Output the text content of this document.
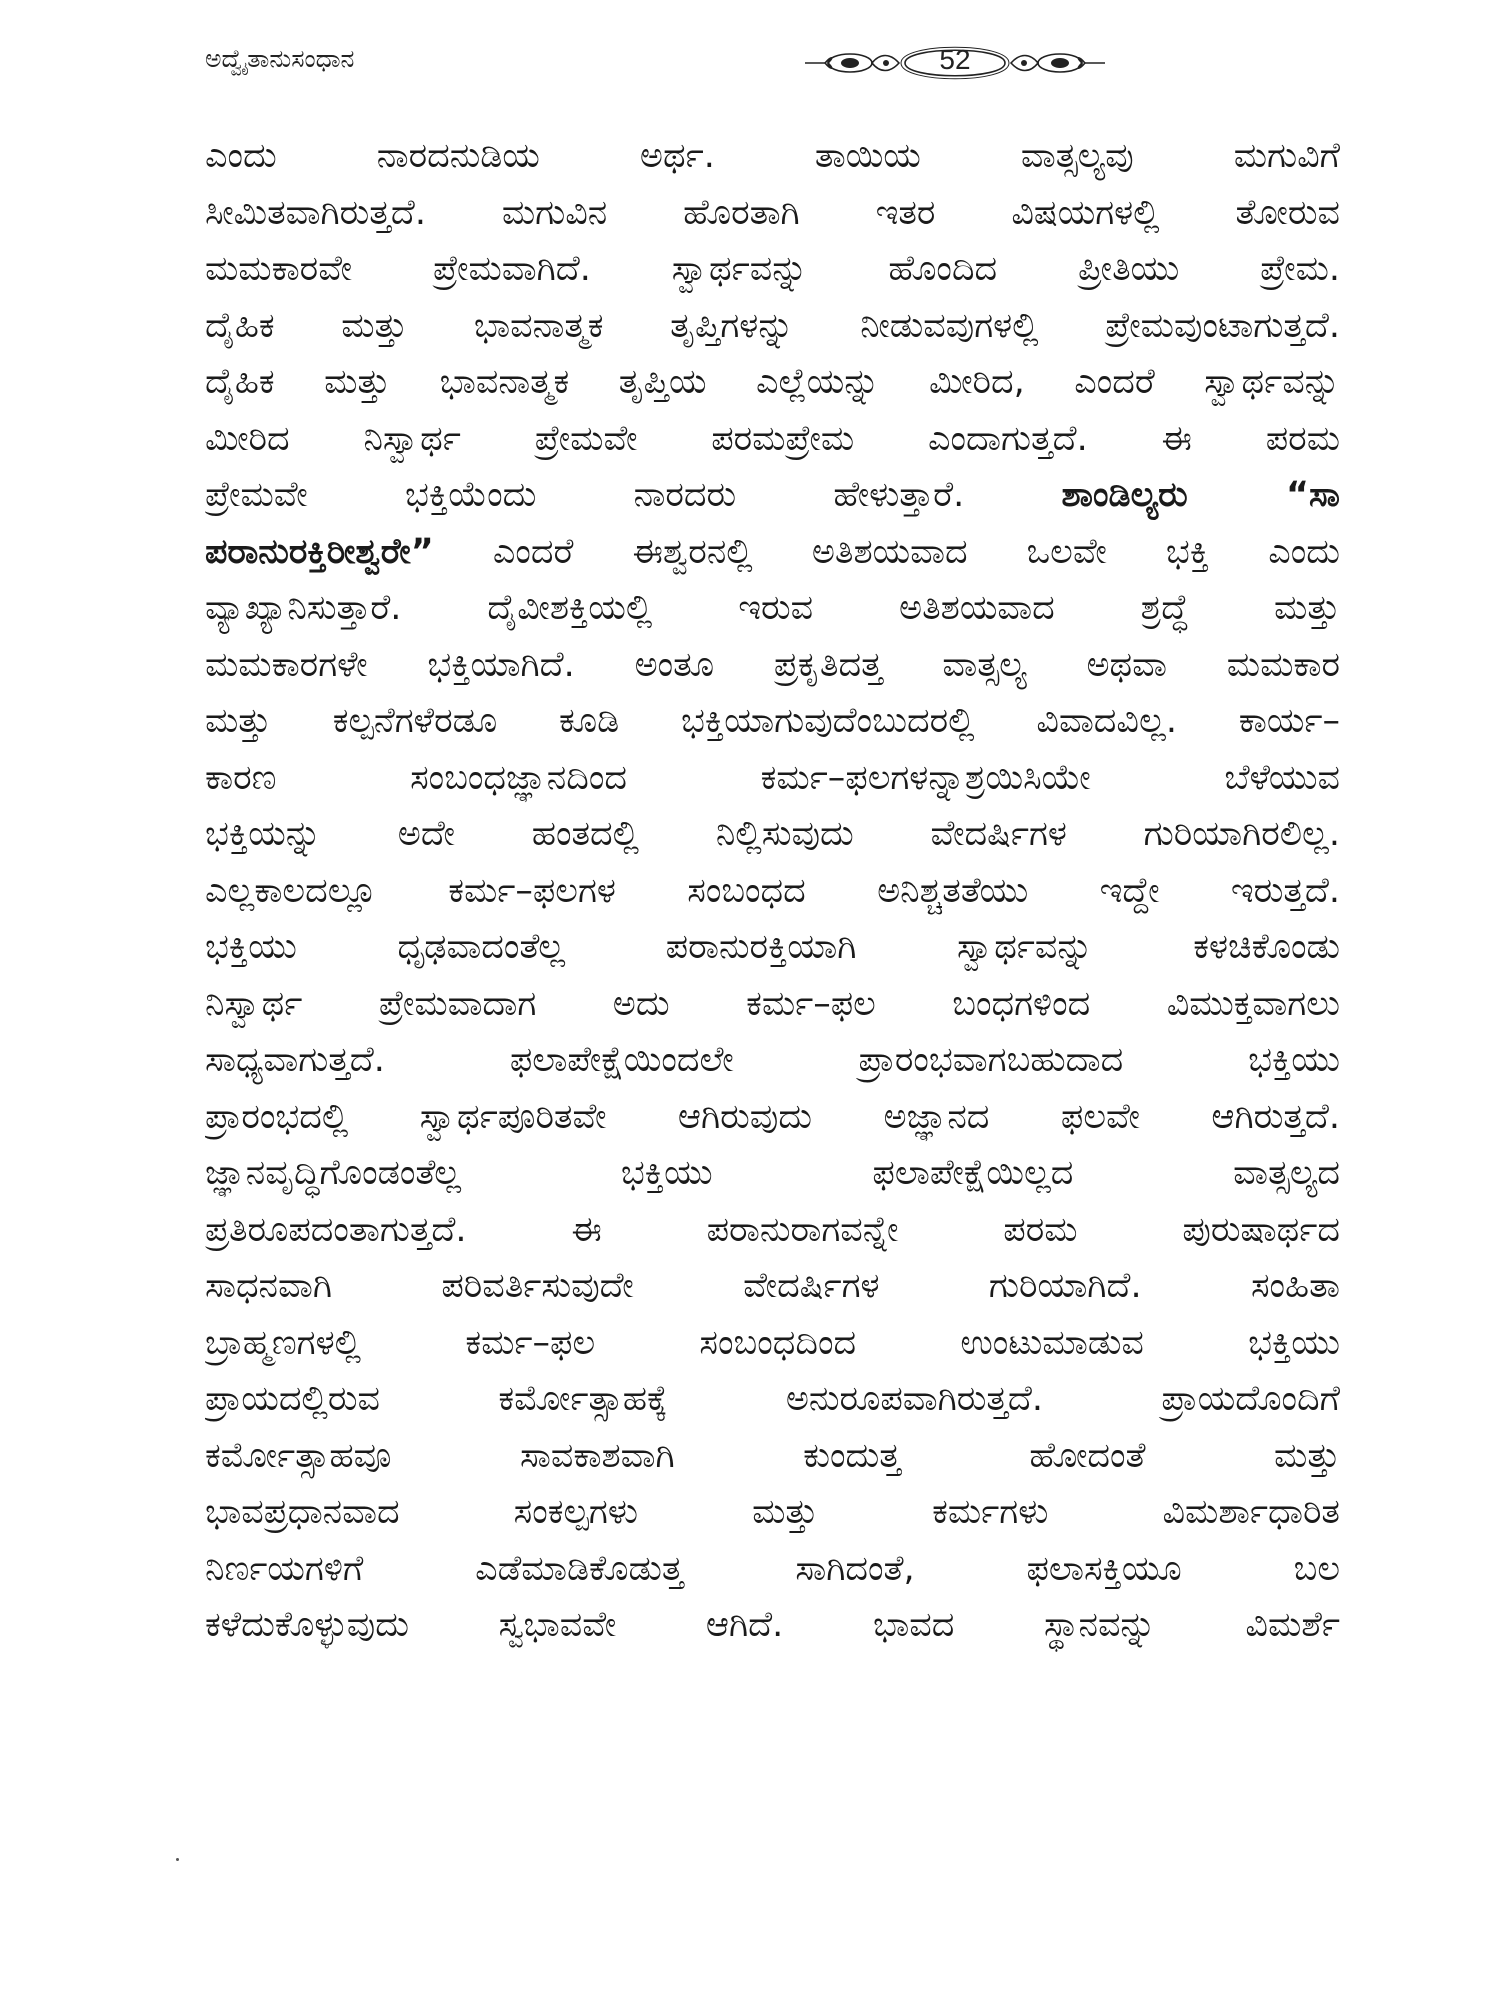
ಅದ್ವೈತಾನುಸಂಧಾನ	52
ಎಂದು ನಾರದನುಡಿಯ ಅರ್ಥ. ತಾಯಿಯ ವಾತ್ಸಲ್ಯವು ಮಗುವಿಗೆ
ಸೀಮಿತವಾಗಿರುತ್ತದೆ. ಮಗುವಿನ ಹೊರತಾಗಿ ಇತರ ವಿಷಯಗಳಲ್ಲಿ ತೋರುವ
ಮಮಕಾರವೇ ಪ್ರೇಮವಾಗಿದೆ. ಸ್ವಾರ್ಥವನ್ನು ಹೊಂದಿದ ಪ್ರೀತಿಯು ಪ್ರೇಮ.
ದೈಹಿಕ ಮತ್ತು ಭಾವನಾತ್ಮಕ ತೃಪ್ತಿಗಳನ್ನು ನೀಡುವವುಗಳಲ್ಲಿ ಪ್ರೇಮವುಂಟಾಗುತ್ತದೆ.
ದೈಹಿಕ ಮತ್ತು ಭಾವನಾತ್ಮಕ ತೃಪ್ತಿಯ ಎಲ್ಲೆಯನ್ನು ಮೀರಿದ, ಎಂದರೆ ಸ್ವಾರ್ಥವನ್ನು
ಮೀರಿದ ನಿಸ್ವಾರ್ಥ ಪ್ರೇಮವೇ ಪರಮಪ್ರೇಮ ಎಂದಾಗುತ್ತದೆ. ಈ ಪರಮ
ಪ್ರೇಮವೇ ಭಕ್ತಿಯೆಂದು ನಾರದರು ಹೇಳುತ್ತಾರೆ. ಶಾಂಡಿಲ್ಯರು “ಸಾ
ಪರಾನುರಕ್ತಿರೀಶ್ವರೇ” ಎಂದರೆ ಈಶ್ವರನಲ್ಲಿ ಅತಿಶಯವಾದ ಒಲವೇ ಭಕ್ತಿ ಎಂದು
ವ್ಯಾಖ್ಯಾನಿಸುತ್ತಾರೆ. ದೈವೀಶಕ್ತಿಯಲ್ಲಿ ಇರುವ ಅತಿಶಯವಾದ ಶ್ರದ್ಧೆ ಮತ್ತು
ಮಮಕಾರಗಳೇ ಭಕ್ತಿಯಾಗಿದೆ. ಅಂತೂ ಪ್ರಕೃತಿದತ್ತ ವಾತ್ಸಲ್ಯ ಅಥವಾ ಮಮಕಾರ
ಮತ್ತು ಕಲ್ಪನೆಗಳೆರಡೂ ಕೂಡಿ ಭಕ್ತಿಯಾಗುವುದೆಂಬುದರಲ್ಲಿ ವಿವಾದವಿಲ್ಲ. ಕಾರ್ಯ–
ಕಾರಣ ಸಂಬಂಧಜ್ಞಾನದಿಂದ ಕರ್ಮ–ಫಲಗಳನ್ನಾಶ್ರಯಿಸಿಯೇ ಬೆಳೆಯುವ
ಭಕ್ತಿಯನ್ನು ಅದೇ ಹಂತದಲ್ಲಿ ನಿಲ್ಲಿಸುವುದು ವೇದರ್ಷಿಗಳ ಗುರಿಯಾಗಿರಲಿಲ್ಲ.
ಎಲ್ಲಕಾಲದಲ್ಲೂ ಕರ್ಮ–ಫಲಗಳ ಸಂಬಂಧದ ಅನಿಶ್ಚತತೆಯು ಇದ್ದೇ ಇರುತ್ತದೆ.
ಭಕ್ತಿಯು ಧೃಢವಾದಂತೆಲ್ಲ ಪರಾನುರಕ್ತಿಯಾಗಿ ಸ್ವಾರ್ಥವನ್ನು ಕಳಚಿಕೊಂಡು
ನಿಸ್ವಾರ್ಥ ಪ್ರೇಮವಾದಾಗ ಅದು ಕರ್ಮ–ಫಲ ಬಂಧಗಳಿಂದ ವಿಮುಕ್ತವಾಗಲು
ಸಾಧ್ಯವಾಗುತ್ತದೆ. ಫಲಾಪೇಕ್ಷೆಯಿಂದಲೇ ಪ್ರಾರಂಭವಾಗಬಹುದಾದ ಭಕ್ತಿಯು
ಪ್ರಾರಂಭದಲ್ಲಿ ಸ್ವಾರ್ಥಪೂರಿತವೇ ಆಗಿರುವುದು ಅಜ್ಞಾನದ ಫಲವೇ ಆಗಿರುತ್ತದೆ.
ಜ್ಞಾನವೃದ್ಧಿಗೊಂಡಂತೆಲ್ಲ ಭಕ್ತಿಯು ಫಲಾಪೇಕ್ಷೆಯಿಲ್ಲದ ವಾತ್ಸಲ್ಯದ
ಪ್ರತಿರೂಪದಂತಾಗುತ್ತದೆ. ಈ ಪರಾನುರಾಗವನ್ನೇ ಪರಮ ಪುರುಷಾರ್ಥದ
ಸಾಧನವಾಗಿ ಪರಿವರ್ತಿಸುವುದೇ ವೇದರ್ಷಿಗಳ ಗುರಿಯಾಗಿದೆ. ಸಂಹಿತಾ
ಬ್ರಾಹ್ಮಣಗಳಲ್ಲಿ ಕರ್ಮ–ಫಲ ಸಂಬಂಧದಿಂದ ಉಂಟುಮಾಡುವ ಭಕ್ತಿಯು
ಪ್ರಾಯದಲ್ಲಿರುವ ಕರ್ಮೋತ್ಸಾಹಕ್ಕೆ ಅನುರೂಪವಾಗಿರುತ್ತದೆ. ಪ್ರಾಯದೊಂದಿಗೆ
ಕರ್ಮೋತ್ಸಾಹವೂ ಸಾವಕಾಶವಾಗಿ ಕುಂದುತ್ತ ಹೋದಂತೆ ಮತ್ತು
ಭಾವಪ್ರಧಾನವಾದ ಸಂಕಲ್ಪಗಳು ಮತ್ತು ಕರ್ಮಗಳು ವಿಮರ್ಶಾಧಾರಿತ
ನಿರ್ಣಯಗಳಿಗೆ ಎಡೆಮಾಡಿಕೊಡುತ್ತ ಸಾಗಿದಂತೆ, ಫಲಾಸಕ್ತಿಯೂ ಬಲ
ಕಳೆದುಕೊಳ್ಳುವುದು ಸ್ವಭಾವವೇ ಆಗಿದೆ. ಭಾವದ ಸ್ಥಾನವನ್ನು ವಿಮರ್ಶೆ
